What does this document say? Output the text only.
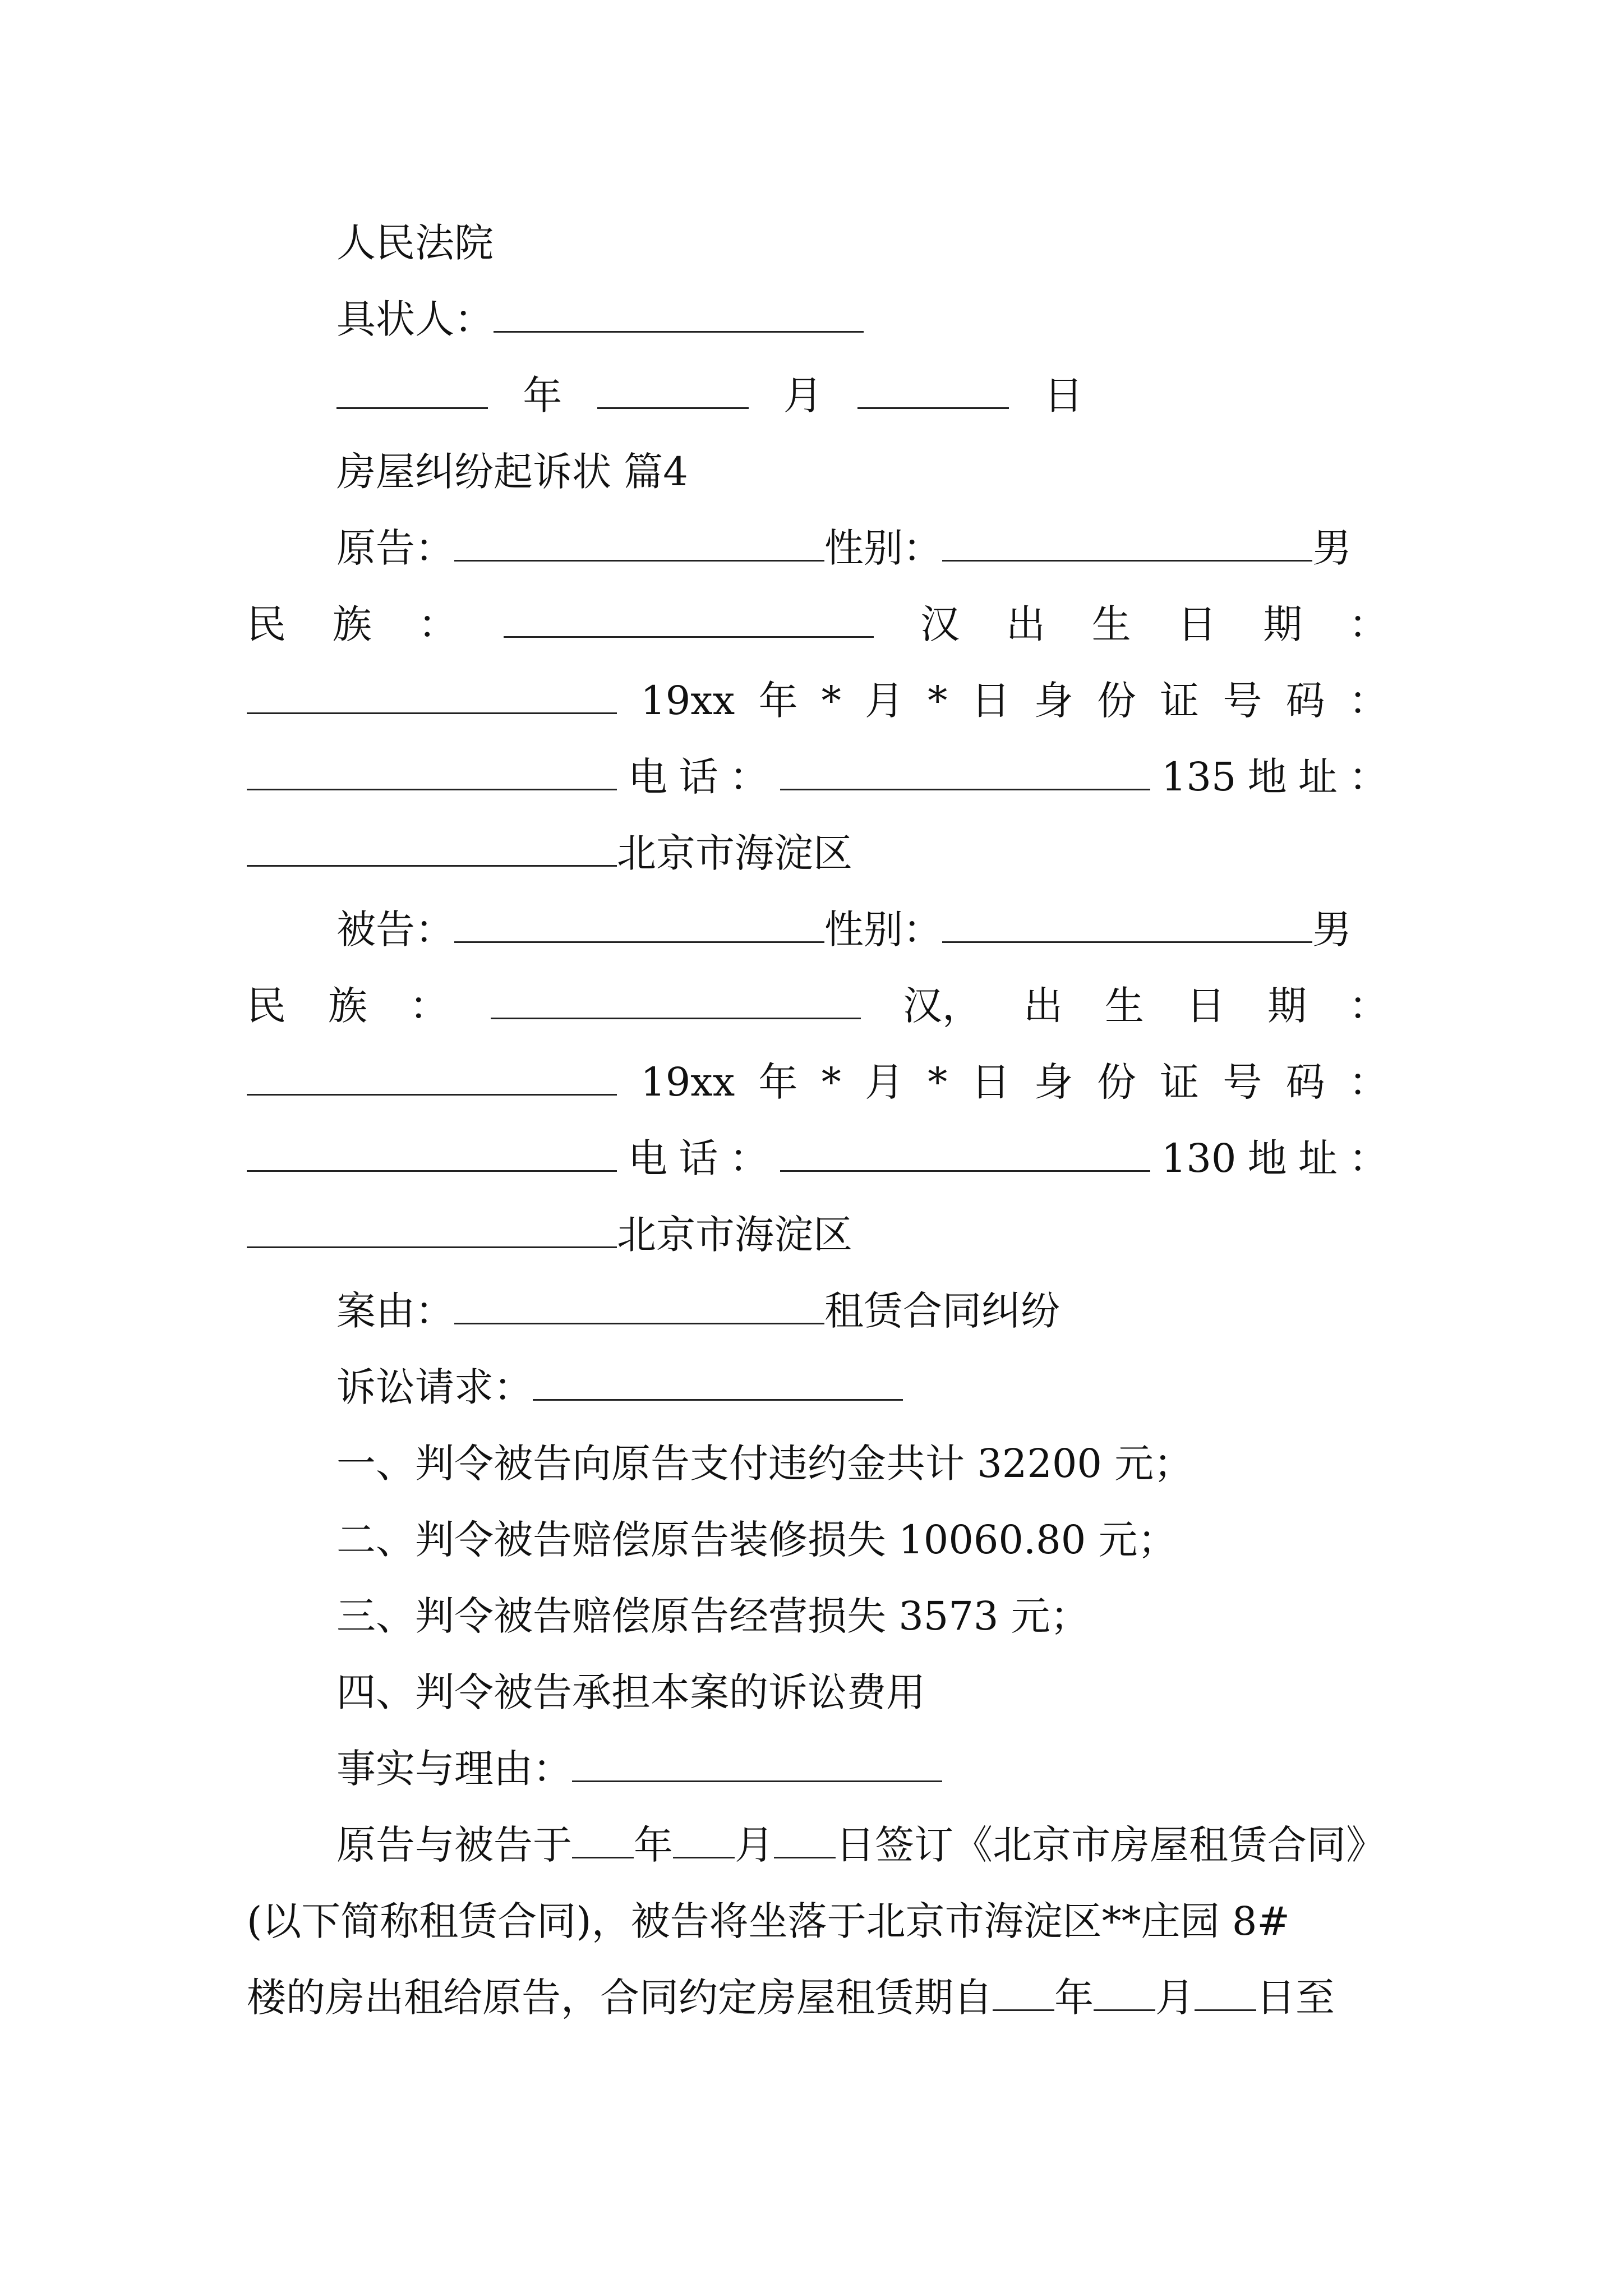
人民法院
具状人：
年	月	日
房屋纠纷起诉状 篇4
原告：	性别：	男
民 族 ：	汉 出 生 日 期 ：
19xx 年 * 月 * 日 身 份 证 号 码 ：
电 话 ：	135 地 址 ：
北京市海淀区
被告：	性别：	男
民 族 ：	汉， 出 生 日 期 ：
19xx 年 * 月 * 日 身 份 证 号 码 ：
电 话 ：	130 地 址 ：
北京市海淀区
案由：	租赁合同纠纷
诉讼请求：
一、判令被告向原告支付违约金共计 32200 元；
二、判令被告赔偿原告装修损失 10060.80 元；
三、判令被告赔偿原告经营损失 3573 元；
四、判令被告承担本案的诉讼费用
事实与理由：
原告与被告于 年 月 日签订《北京市房屋租赁合同》
(以下简称租赁合同)，被告将坐落于北京市海淀区**庄园 8#
楼的房出租给原告，合同约定房屋租赁期自 年 月 日至
